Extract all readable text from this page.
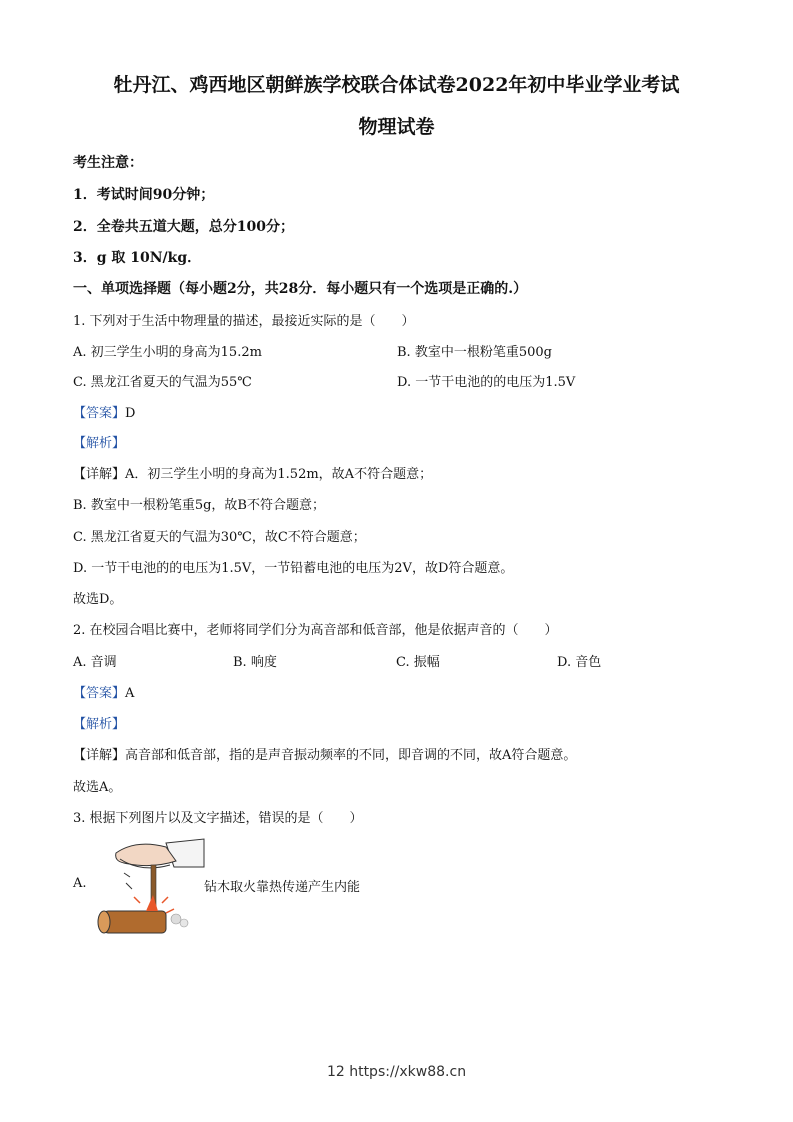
牡丹江、鸡西地区朝鲜族学校联合体试卷2022年初中毕业学业考试
物理试卷
考生注意：
1．考试时间90分钟；
2．全卷共五道大题，总分100分；
3．g 取 10N/kg．
一、单项选择题（每小题2分，共28分．每小题只有一个选项是正确的.）
1. 下列对于生活中物理量的描述，最接近实际的是（　　）
A. 初三学生小明的身高为15.2m	B. 教室中一根粉笔重500g
C. 黑龙江省夏天的气温为55℃	D. 一节干电池的的电压为1.5V
【答案】D
【解析】
【详解】A．初三学生小明的身高为1.52m，故A不符合题意；
B. 教室中一根粉笔重5g，故B不符合题意；
C. 黑龙江省夏天的气温为30℃，故C不符合题意；
D. 一节干电池的的电压为1.5V，一节铅蓄电池的电压为2V，故D符合题意。
故选D。
2. 在校园合唱比赛中，老师将同学们分为高音部和低音部，他是依据声音的（　　）
A. 音调	B. 响度	C. 振幅	D. 音色
【答案】A
【解析】
【详解】高音部和低音部，指的是声音振动频率的不同，即音调的不同，故A符合题意。
故选A。
3. 根据下列图片以及文字描述，错误的是（　　）
A.	钻木取火靠热传递产生内能
12 https://xkw88.cn
